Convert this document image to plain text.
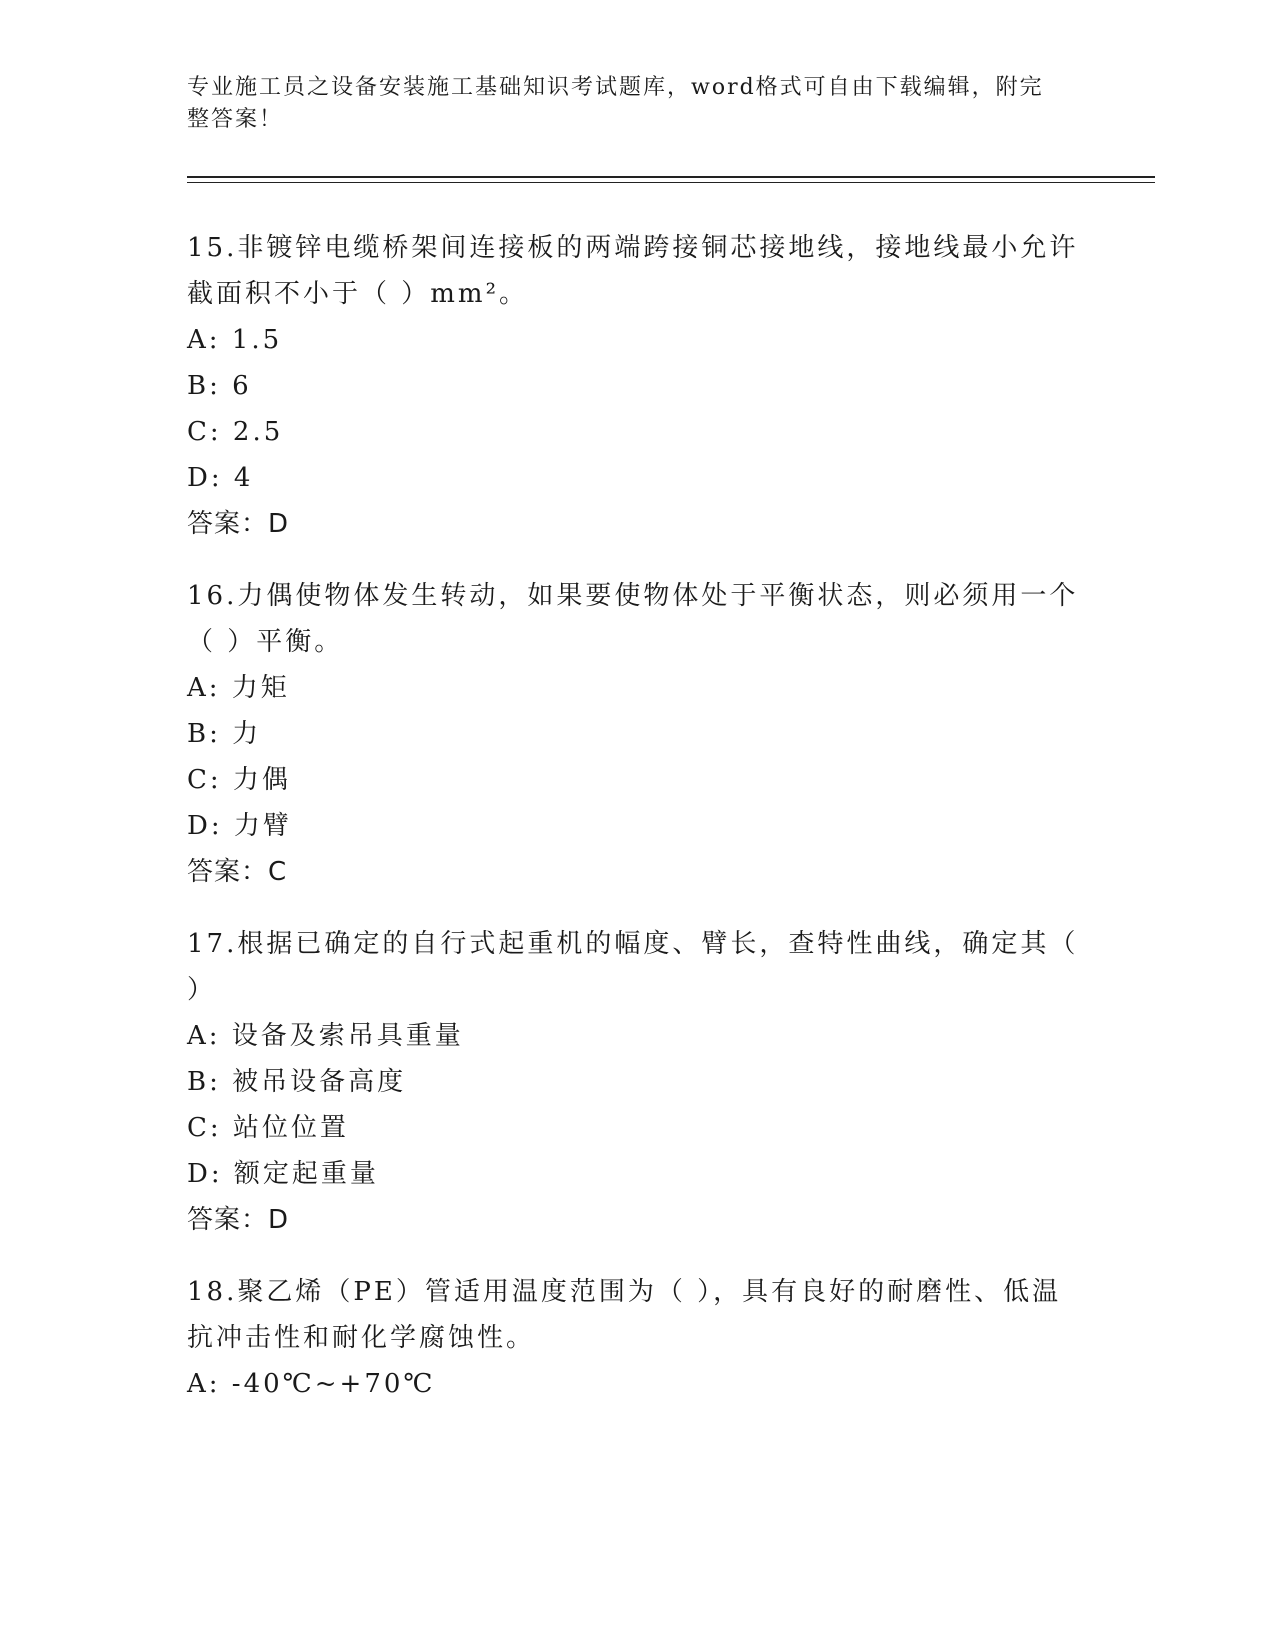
专业施工员之设备安装施工基础知识考试题库，word格式可自由下载编辑，附完整答案！

15.非镀锌电缆桥架间连接板的两端跨接铜芯接地线，接地线最小允许截面积不小于（ ）mm²。

A: 1.5

B: 6

C: 2.5

D: 4

答案：D

16.力偶使物体发生转动，如果要使物体处于平衡状态，则必须用一个（ ）平衡。

A: 力矩

B: 力

C: 力偶

D: 力臂

答案：C

17.根据已确定的自行式起重机的幅度、臂长，查特性曲线，确定其（ ）

A: 设备及索吊具重量

B: 被吊设备高度

C: 站位位置

D: 额定起重量

答案：D

18.聚乙烯（PE）管适用温度范围为（ ），具有良好的耐磨性、低温抗冲击性和耐化学腐蚀性。

A: -40℃~+70℃
